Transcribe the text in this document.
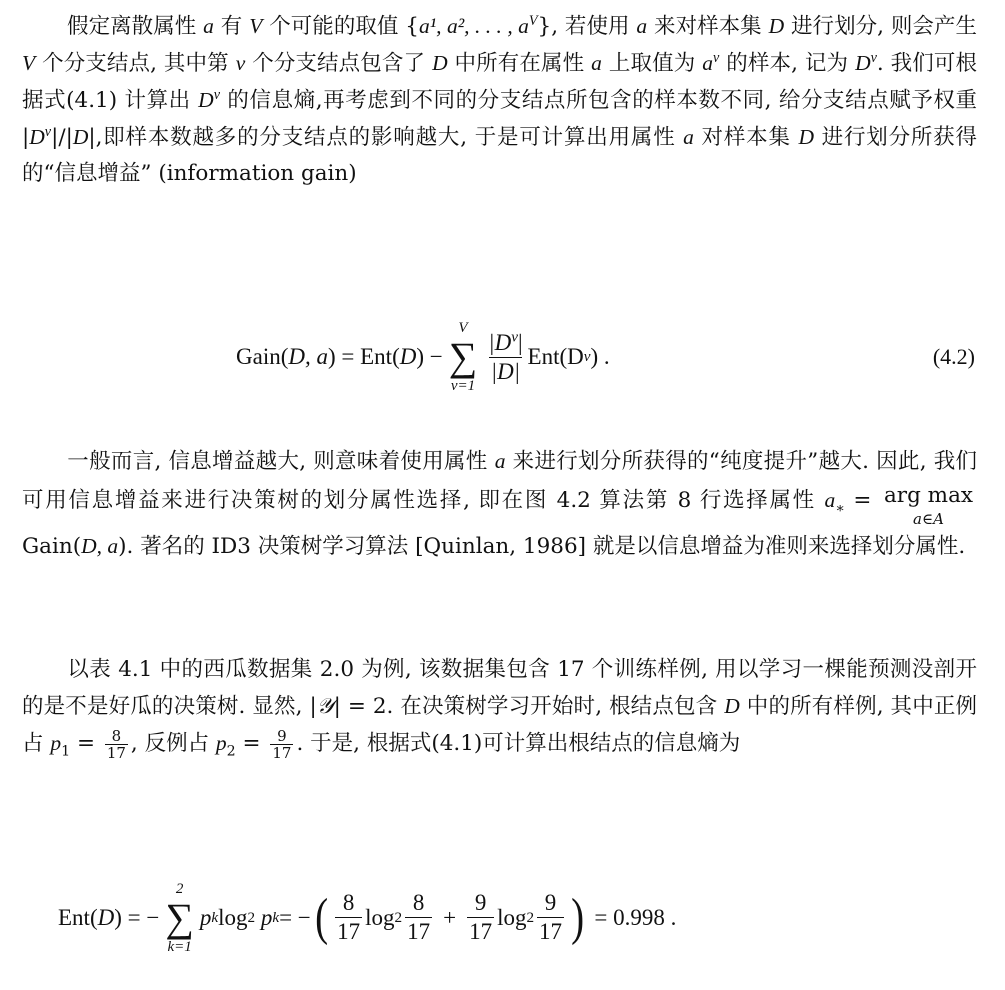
假定离散属性 a 有 V 个可能的取值 {a¹, a², . . . , $a^V$}, 若使用 a 来对样本集 D 进行划分, 则会产生 V 个分支结点, 其中第 v 个分支结点包含了 D 中所有在属性 a 上取值为 $a^v$ 的样本, 记为 $D^v$. 我们可根据式(4.1) 计算出 $D^v$ 的信息熵,再考虑到不同的分支结点所包含的样本数不同, 给分支结点赋予权重 $|D^v|/|D|$,即样本数越多的分支结点的影响越大, 于是可计算出用属性 a 对样本集 D 进行划分所获得的“信息增益” (information gain)

Gain( D, a ) = Ent( D ) −
V
∑
v=1
$\frac{|D^v|}{|D|} Ent(D$ v ) .	(4.2)

一般而言, 信息增益越大, 则意味着使用属性 a 来进行划分所获得的“纯度提升”越大. 因此, 我们可用信息增益来进行决策树的划分属性选择, 即在图 4.2 算法第 8 行选择属性 $a_∗$ = arg max
a∈A
Gain(D, a). 著名的 ID3 决策树学习算法 [Quinlan, 1986] 就是以信息增益为准则来选择划分属性.

以表 4.1 中的西瓜数据集 2.0 为例, 该数据集包含 17 个训练样例, 用以学习一棵能预测没剖开的是不是好瓜的决策树. 显然, |𝒴| = 2. 在决策树学习开始时, 根结点包含 D 中的所有样例, 其中正例占 $p_1 = \frac{8}{17}$ , 反例占 $p_2 = \frac{9}{17}$ . 于是, 根据式(4.1)可计算出根结点的信息熵为

Ent( D ) = −
2
∑
k=1
p k log 2
p k = − ( $\frac{8}{17}$ $\log 2 \frac{8}{17} + \frac{9}{17}$ $\log 2 \frac{9}{17}$ ) = 0.998 .
